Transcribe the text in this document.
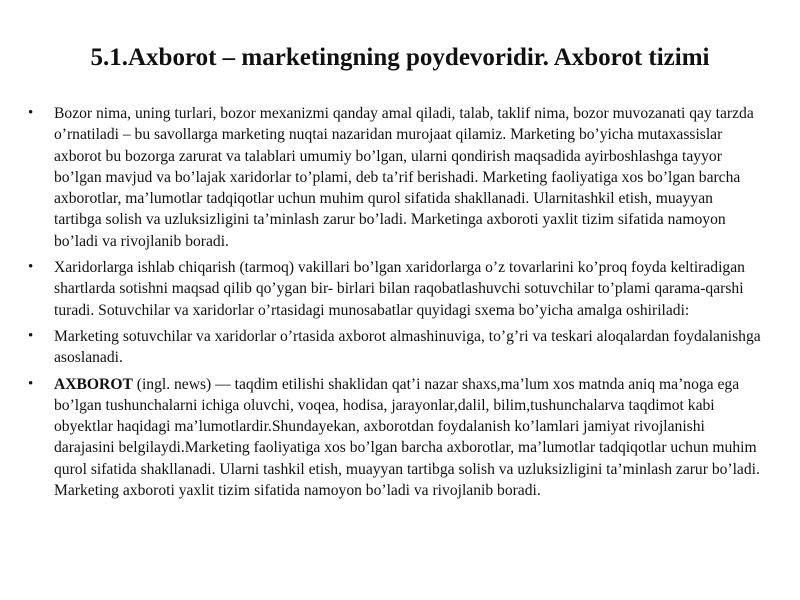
5.1.Axborot – marketingning poydevoridir. Axborot tizimi
• Bozor nima, uning turlari, bozor mexanizmi qanday amal qiladi, talab, taklif nima, bozor muvozanati qay tarzda o’rnatiladi – bu savollarga marketing nuqtai nazaridan murojaat qilamiz. Marketing bo’yicha mutaxassislar axborot bu bozorga zarurat va talablari umumiy bo’lgan, ularni qondirish maqsadida ayirboshlashga tayyor bo’lgan mavjud va bo’lajak xaridorlar to’plami, deb ta’rif berishadi. Marketing faoliyatiga xos bo’lgan barcha axborotlar, ma’lumotlar tadqiqotlar uchun muhim qurol sifatida shakllanadi. Ularnitashkil etish, muayyan tartibga solish va uzluksizligini ta’minlash zarur bo’ladi. Marketinga axboroti yaxlit tizim sifatida namoyon bo’ladi va rivojlanib boradi.
• Xaridorlarga ishlab chiqarish (tarmoq) vakillari bo’lgan xaridorlarga o’z tovarlarini ko’proq foyda keltiradigan shartlarda sotishni maqsad qilib qo’ygan bir- birlari bilan raqobatlashuvchi sotuvchilar to’plami qarama-qarshi turadi. Sotuvchilar va xaridorlar o’rtasidagi munosabatlar quyidagi sxema bo’yicha amalga oshiriladi:
• Marketing sotuvchilar va xaridorlar o’rtasida axborot almashinuviga, to’g’ri va teskari aloqalardan foydalanishga asoslanadi.
• AXBOROT (ingl. news) — taqdim etilishi shaklidan qat’i nazar shaxs,ma’lum xos matnda aniq ma’noga ega bo’lgan tushunchalarni ichiga oluvchi, voqea, hodisa, jarayonlar,dalil, bilim,tushunchalarva taqdimot kabi obyektlar haqidagi ma’lumotlardir.Shundayekan, axborotdan foydalanish ko’lamlari jamiyat rivojlanishi darajasini belgilaydi.Marketing faoliyatiga xos bo’lgan barcha axborotlar, ma’lumotlar tadqiqotlar uchun muhim qurol sifatida shakllanadi. Ularni tashkil etish, muayyan tartibga solish va uzluksizligini ta’minlash zarur bo’ladi. Marketing axboroti yaxlit tizim sifatida namoyon bo’ladi va rivojlanib boradi.
